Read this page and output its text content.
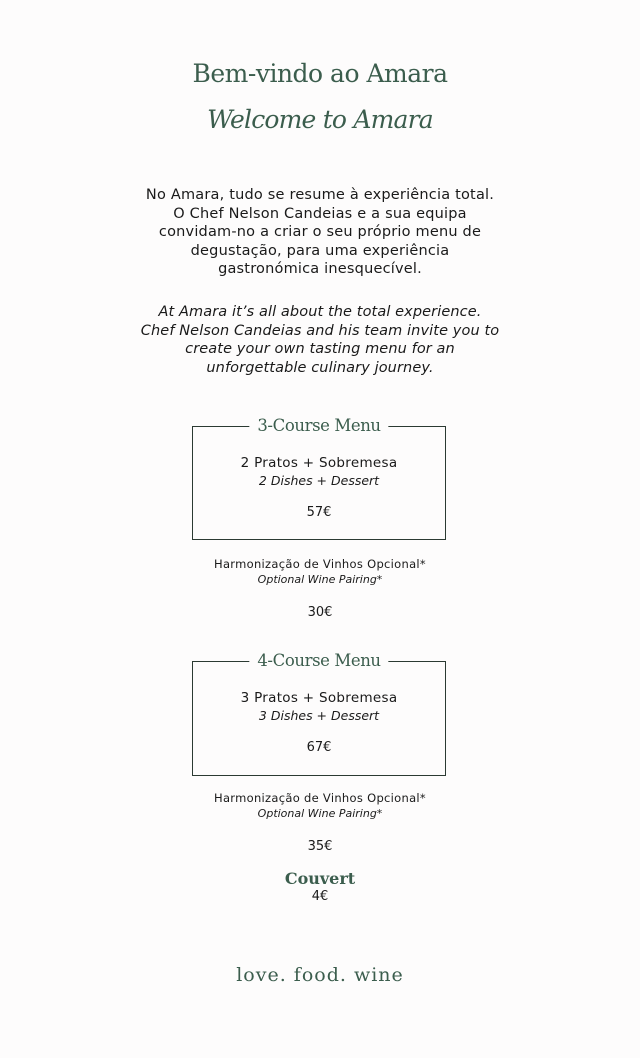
Bem-vindo ao Amara
Welcome to Amara
No Amara, tudo se resume à experiência total. O Chef Nelson Candeias e a sua equipa convidam-no a criar o seu próprio menu de degustação, para uma experiência gastronómica inesquecível.
At Amara it’s all about the total experience. Chef Nelson Candeias and his team invite you to create your own tasting menu for an unforgettable culinary journey.
3-Course Menu
2 Pratos + Sobremesa
2 Dishes + Dessert
57€
Harmonização de Vinhos Opcional*
Optional Wine Pairing*
30€
4-Course Menu
3 Pratos + Sobremesa
3 Dishes + Dessert
67€
Harmonização de Vinhos Opcional*
Optional Wine Pairing*
35€
Couvert
4€
love. food. wine
